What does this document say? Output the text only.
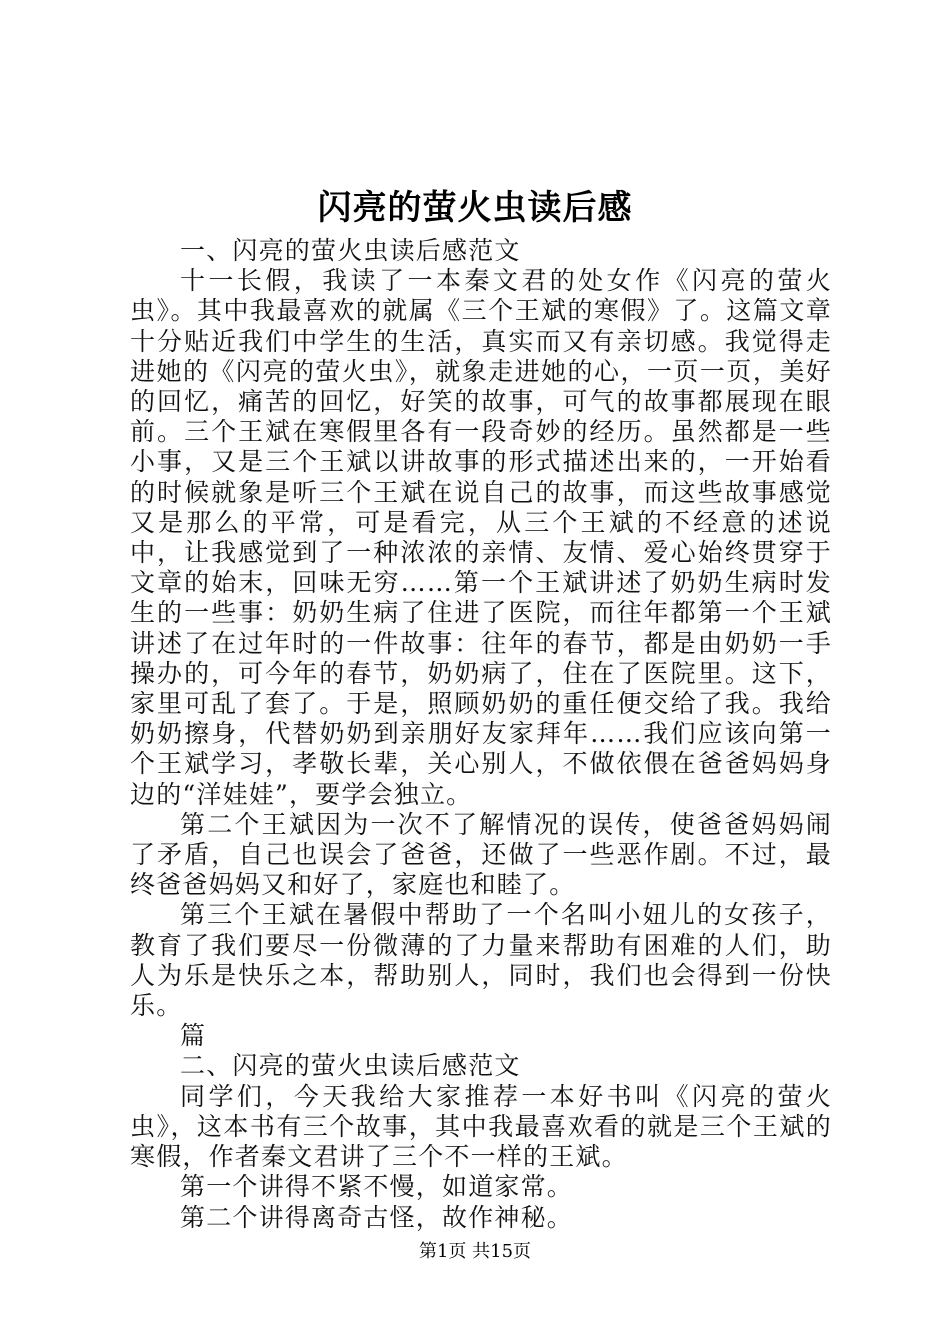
闪亮的萤火虫读后感

一、闪亮的萤火虫读后感范文

十一长假，我读了一本秦文君的处女作《闪亮的萤火虫》。其中我最喜欢的就属《三个王斌的寒假》了。这篇文章十分贴近我们中学生的生活，真实而又有亲切感。我觉得走进她的《闪亮的萤火虫》，就象走进她的心，一页一页，美好的回忆，痛苦的回忆，好笑的故事，可气的故事都展现在眼前。三个王斌在寒假里各有一段奇妙的经历。虽然都是一些小事，又是三个王斌以讲故事的形式描述出来的，一开始看的时候就象是听三个王斌在说自己的故事，而这些故事感觉又是那么的平常，可是看完，从三个王斌的不经意的述说中，让我感觉到了一种浓浓的亲情、友情、爱心始终贯穿于文章的始末，回味无穷……第一个王斌讲述了奶奶生病时发生的一些事：奶奶生病了住进了医院，而往年都第一个王斌讲述了在过年时的一件故事：往年的春节，都是由奶奶一手操办的，可今年的春节，奶奶病了，住在了医院里。这下，家里可乱了套了。于是，照顾奶奶的重任便交给了我。我给奶奶擦身，代替奶奶到亲朋好友家拜年……我们应该向第一个王斌学习，孝敬长辈，关心别人，不做依偎在爸爸妈妈身边的“洋娃娃”，要学会独立。

第二个王斌因为一次不了解情况的误传，使爸爸妈妈闹了矛盾，自己也误会了爸爸，还做了一些恶作剧。不过，最终爸爸妈妈又和好了，家庭也和睦了。

第三个王斌在暑假中帮助了一个名叫小妞儿的女孩子，教育了我们要尽一份微薄的了力量来帮助有困难的人们，助人为乐是快乐之本，帮助别人，同时，我们也会得到一份快乐。

篇

二、闪亮的萤火虫读后感范文

同学们，今天我给大家推荐一本好书叫《闪亮的萤火虫》，这本书有三个故事，其中我最喜欢看的就是三个王斌的寒假，作者秦文君讲了三个不一样的王斌。

第一个讲得不紧不慢，如道家常。

第二个讲得离奇古怪，故作神秘。

第1页 共15页
